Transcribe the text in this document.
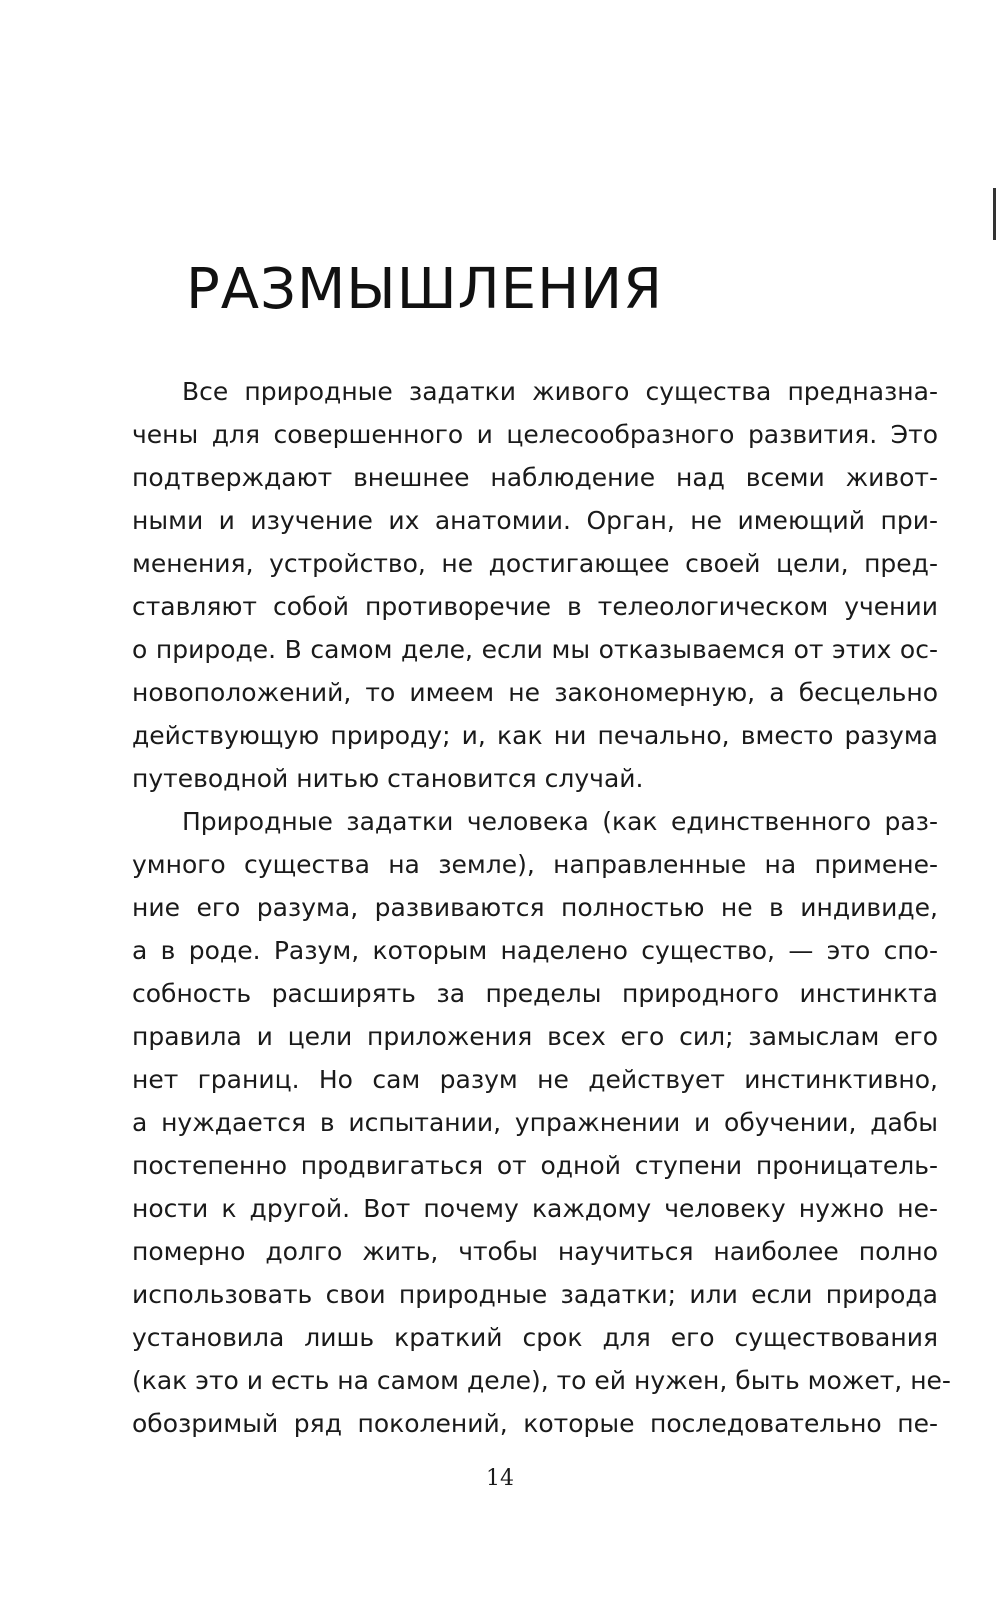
РАЗМЫШЛЕНИЯ
Все природные задатки живого существа предназна-
чены для совершенного и целесообразного развития. Это
подтверждают внешнее наблюдение над всеми живот-
ными и изучение их анатомии. Орган, не имеющий при-
менения, устройство, не достигающее своей цели, пред-
ставляют собой противоречие в телеологическом учении
о природе. В самом деле, если мы отказываемся от этих ос-
новоположений, то имеем не закономерную, а бесцельно
действующую природу; и, как ни печально, вместо разума
путеводной нитью становится случай.
Природные задатки человека (как единственного раз-
умного существа на земле), направленные на примене-
ние его разума, развиваются полностью не в индивиде,
а в роде. Разум, которым наделено существо, — это спо-
собность расширять за пределы природного инстинкта
правила и цели приложения всех его сил; замыслам его
нет границ. Но сам разум не действует инстинктивно,
а нуждается в испытании, упражнении и обучении, дабы
постепенно продвигаться от одной ступени проницатель-
ности к другой. Вот почему каждому человеку нужно не-
померно долго жить, чтобы научиться наиболее полно
использовать свои природные задатки; или если природа
установила лишь краткий срок для его существования
(как это и есть на самом деле), то ей нужен, быть может, не-
обозримый ряд поколений, которые последовательно пе-

14
